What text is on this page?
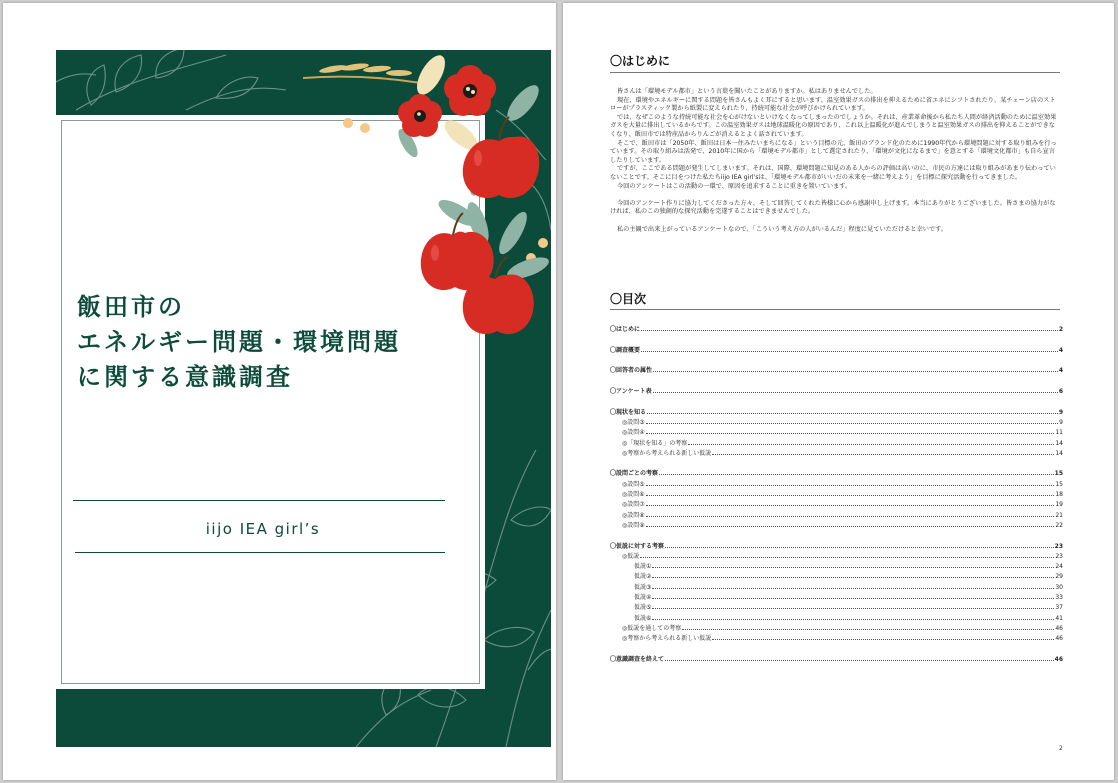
飯田市の
エネルギー問題・環境問題
に関する意識調査
iijo IEA girl’s
〇はじめに

皆さんは「環境モデル都市」という言葉を聞いたことがありますか。私はありませんでした。

現在、環境やエネルギーに関する問題を皆さんもよく耳にすると思います。温室効果ガスの排出を抑えるために省エネにシフトされたり、某チェーン店のストローがプラスティック製から紙製に変えられたり、持続可能な社会が呼びかけられています。

では、なぜこのような持続可能な社会を心がけないといけなくなってしまったのでしょうか。それは、産業革命後から私たち人間が経済活動のために温室効果ガスを大量に排出しているからです。この温室効果ガスは地球温暖化の原因であり、これ以上温暖化が進んでしまうと温室効果ガスの排出を抑えることができなくなり、飯田市では特産品からりんごが消えるとよく話されています。

そこで、飯田市は「2050年、飯田は日本一住みたいまちになる」という目標の元、飯田のブランド化のために1990年代から環境問題に対する取り組みを行っています。その取り組みは活発で、2010年に国から「環境モデル都市」として選定されたり、「環境が文化になるまで」を意とする「環境文化都市」も自ら宣言したりしています。

ですが、ここである問題が発生してしまいます。それは、国際、環境問題に知見のある人からの評価は高いのに、市民の方達には取り組みがあまり伝わっていないことです。そこに目をつけた私たちiijo IEA girl'sは、「環境モデル都市がいいだの未来を一緒に考えよう」を目標に探究活動を行ってきました。

今回のアンケートはこの活動の一環で、原因を追求することに重きを置いています。

今回のアンケート作りに協力してくださった方々、そして回答してくれた皆様に心から感謝申し上げます。本当にありがとうございました。皆さまの協力がなければ、私のこの独創的な探究活動を完遂することはできませんでした。

私の主観で出来上がっているアンケートなので、「こういう考え方の人がいるんだ」程度に見ていただけると幸いです。

〇目次
〇はじめに	2
〇調査概要	4
〇回答者の属性	4
〇アンケート表	6
〇現状を知る	9
◎設問③	9
◎設問④	11
◎「現状を知る」の考察	14
◎考察から考えられる新しい仮説	14
〇設問ごとの考察	15
◎設問⑤	15
◎設問⑥	18
◎設問⑦	19
◎設問⑧	21
◎設問⑨	22
〇仮説に対する考察	23
◎仮説	23
仮説①	24
仮説②	29
仮説③	30
仮説④	33
仮説⑤	37
仮説⑥	41
◎仮説を通しての考察	46
◎考察から考えられる新しい仮説	46
〇意識調査を終えて	46
2
